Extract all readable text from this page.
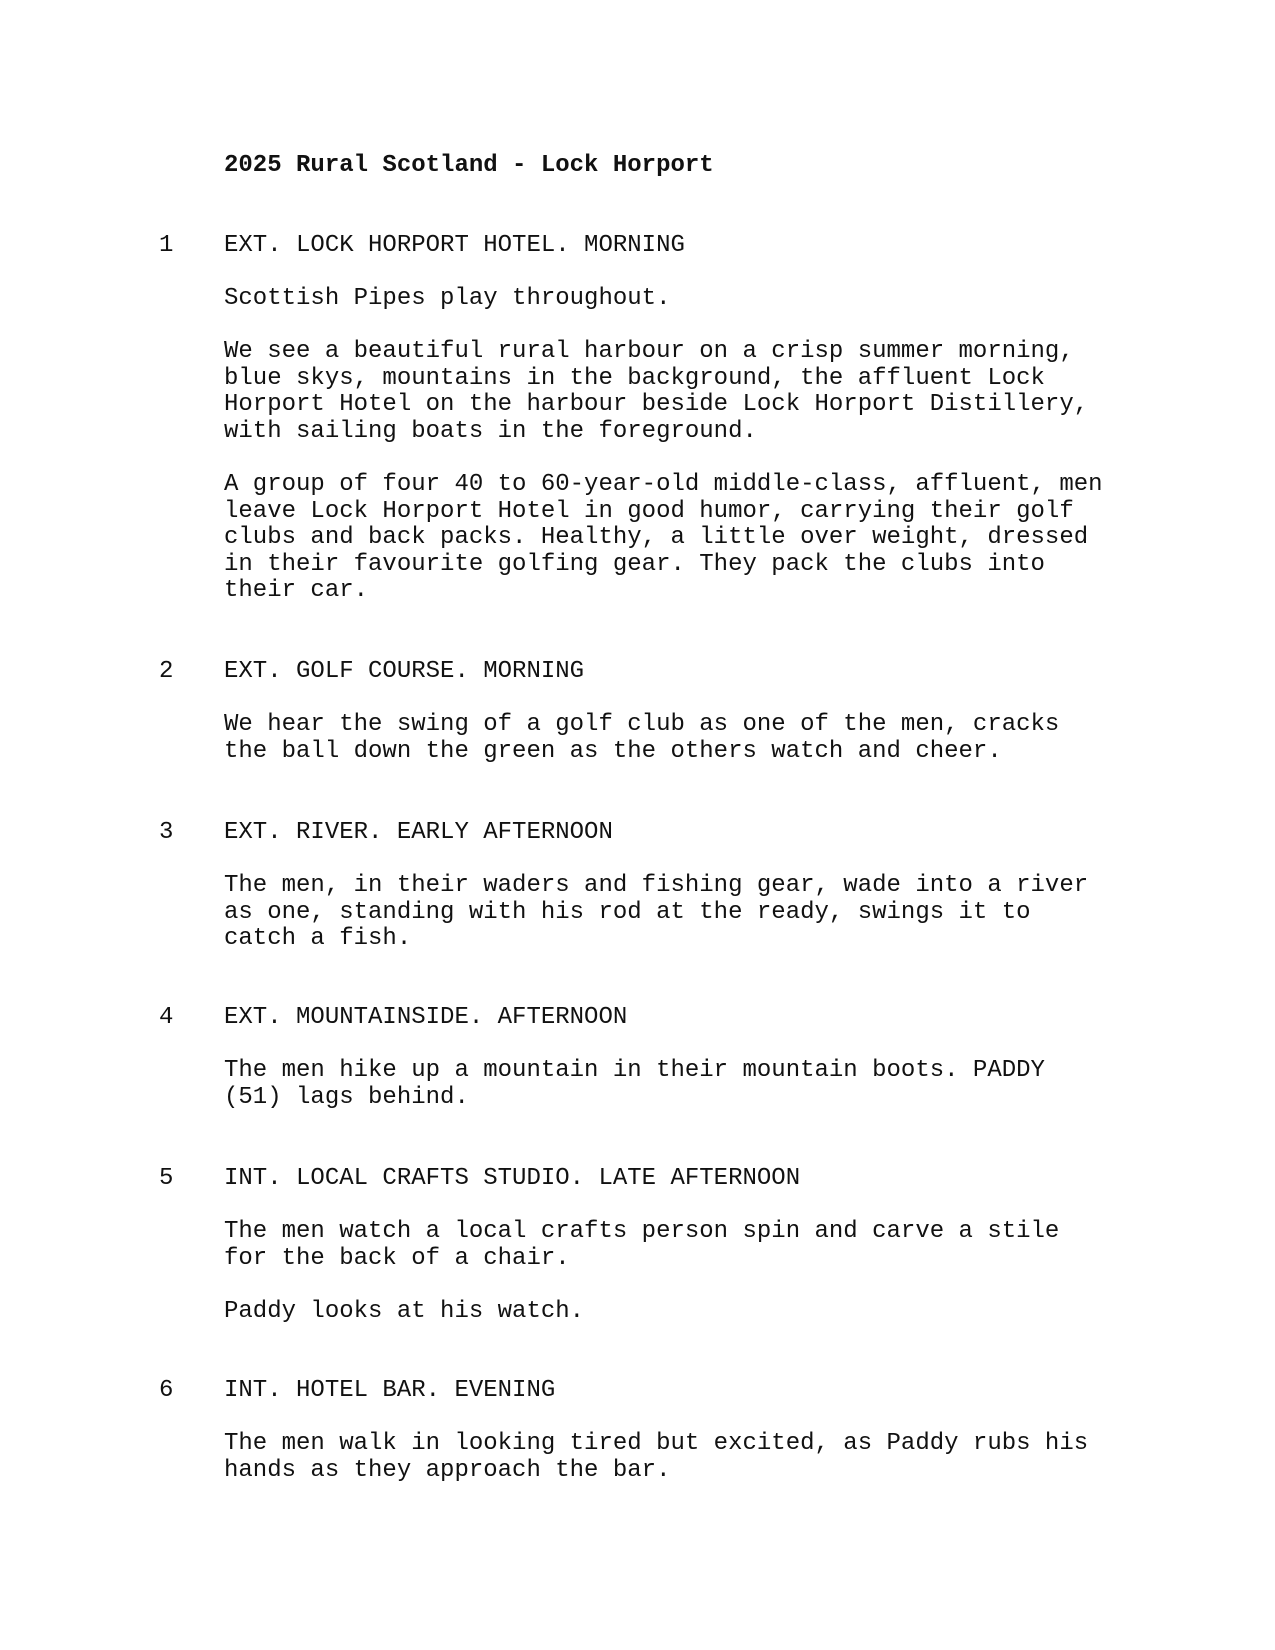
2025 Rural Scotland - Lock Horport
1 EXT. LOCK HORPORT HOTEL. MORNING
Scottish Pipes play throughout.
We see a beautiful rural harbour on a crisp summer morning,
blue skys, mountains in the background, the affluent Lock
Horport Hotel on the harbour beside Lock Horport Distillery,
with sailing boats in the foreground.
A group of four 40 to 60-year-old middle-class, affluent, men
leave Lock Horport Hotel in good humor, carrying their golf
clubs and back packs. Healthy, a little over weight, dressed
in their favourite golfing gear. They pack the clubs into
their car.
2 EXT. GOLF COURSE. MORNING
We hear the swing of a golf club as one of the men, cracks
the ball down the green as the others watch and cheer.
3 EXT. RIVER. EARLY AFTERNOON
The men, in their waders and fishing gear, wade into a river
as one, standing with his rod at the ready, swings it to
catch a fish.
4 EXT. MOUNTAINSIDE. AFTERNOON
The men hike up a mountain in their mountain boots. PADDY
(51) lags behind.
5 INT. LOCAL CRAFTS STUDIO. LATE AFTERNOON
The men watch a local crafts person spin and carve a stile
for the back of a chair.
Paddy looks at his watch.
6 INT. HOTEL BAR. EVENING
The men walk in looking tired but excited, as Paddy rubs his
hands as they approach the bar.
